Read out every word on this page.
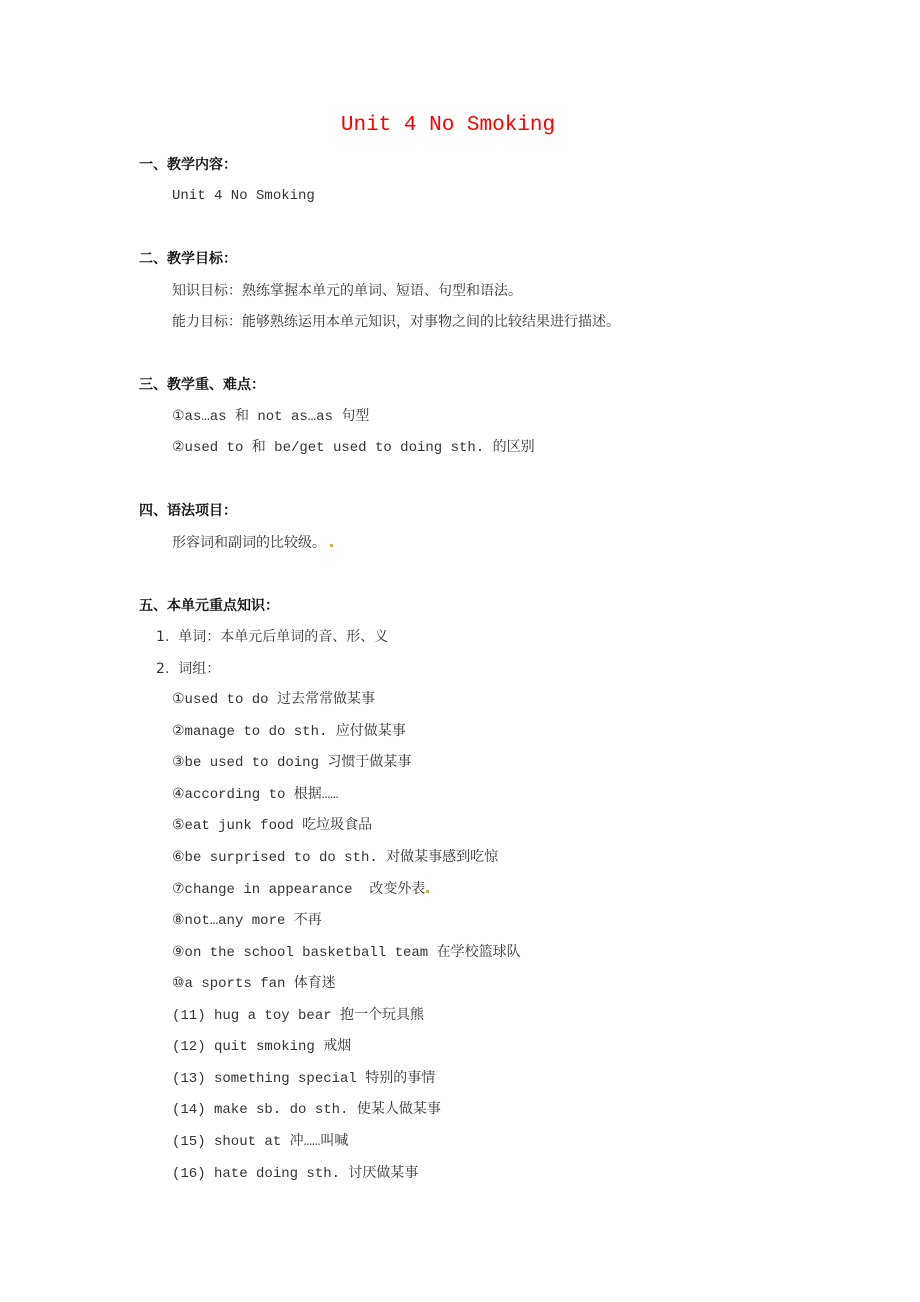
Unit 4 No Smoking
一、教学内容：
Unit 4 No Smoking
二、教学目标：
知识目标：熟练掌握本单元的单词、短语、句型和语法。
能力目标：能够熟练运用本单元知识，对事物之间的比较结果进行描述。
三、教学重、难点：
①as…as 和 not as…as 句型
②used to 和 be/get used to doing sth. 的区别
四、语法项目：
形容词和副词的比较级。
五、本单元重点知识：
1.  单词：本单元后单词的音、形、义
2.  词组：
①used to do 过去常常做某事
②manage to do sth. 应付做某事
③be used to doing 习惯于做某事
④according to 根据……
⑤eat junk food 吃垃圾食品
⑥be surprised to do sth. 对做某事感到吃惊
⑦change in appearance  改变外表
⑧not…any more 不再
⑨on the school basketball team 在学校篮球队
⑩a sports fan 体育迷
(11) hug a toy bear 抱一个玩具熊
(12) quit smoking 戒烟
(13) something special 特别的事情
(14) make sb. do sth. 使某人做某事
(15) shout at 冲……叫喊
(16) hate doing sth. 讨厌做某事
